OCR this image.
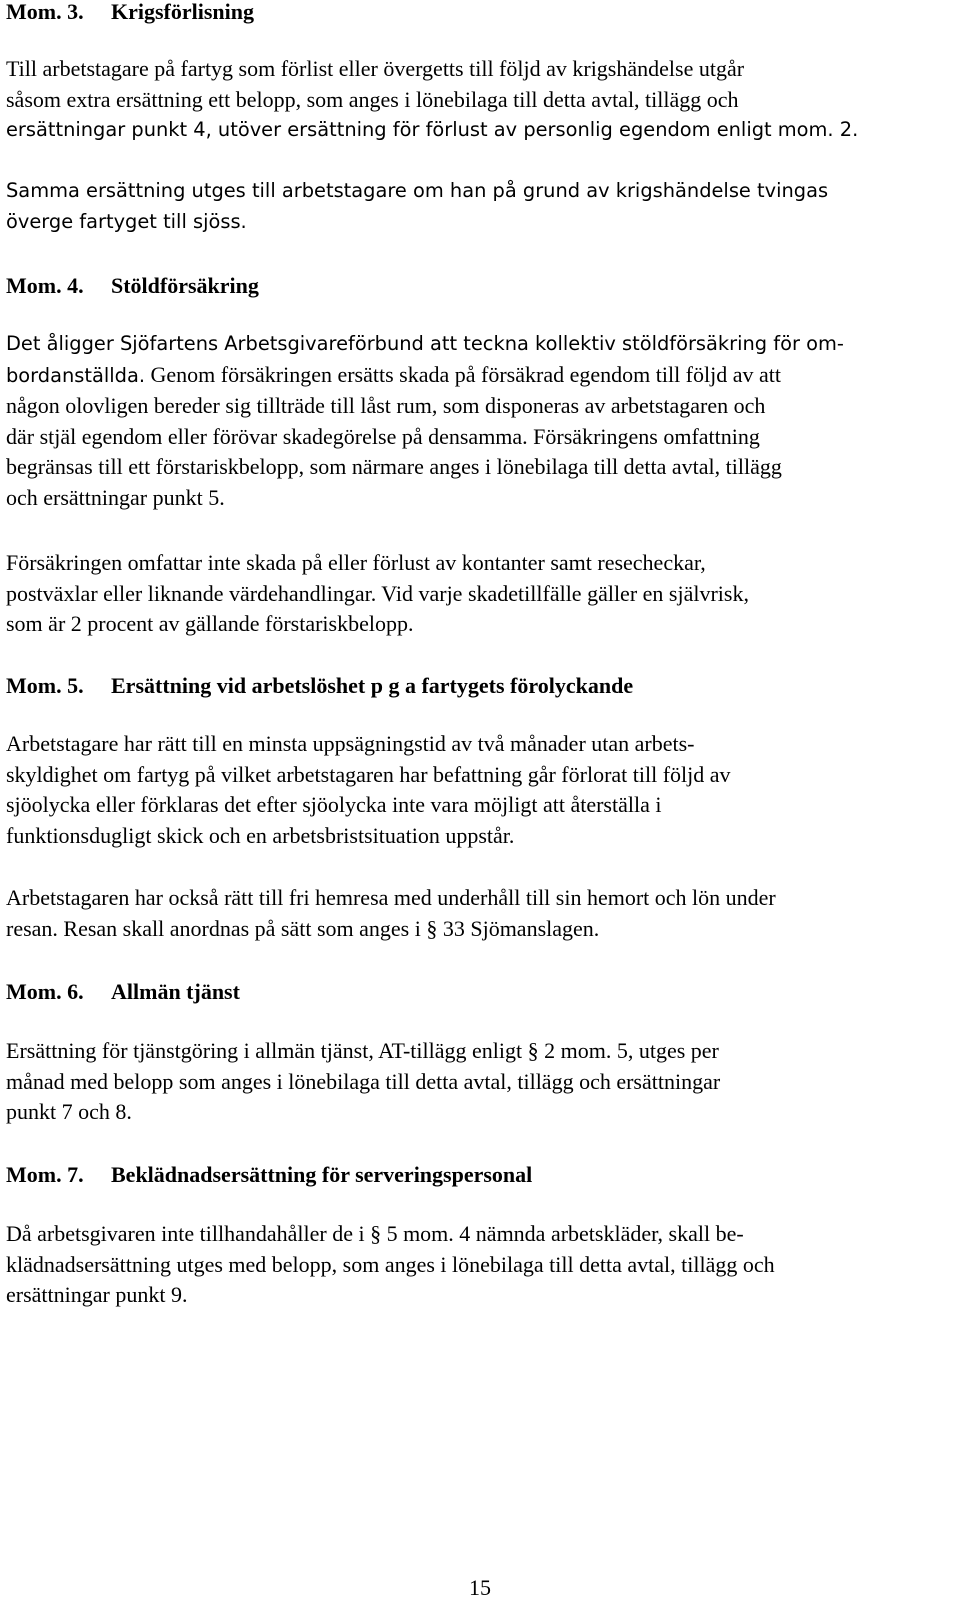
Mom. 3. Krigsförlisning

Till arbetstagare på fartyg som förlist eller övergetts till följd av krigshändelse utgår
såsom extra ersättning ett belopp, som anges i lönebilaga till detta avtal, tillägg och
ersättningar punkt 4, utöver ersättning för förlust av personlig egendom enligt mom. 2.

Samma ersättning utges till arbetstagare om han på grund av krigshändelse tvingas
överge fartyget till sjöss.

Mom. 4. Stöldförsäkring

Det åligger Sjöfartens Arbetsgivareförbund att teckna kollektiv stöldförsäkring för om-
bordanställda. Genom försäkringen ersätts skada på försäkrad egendom till följd av att
någon olovligen bereder sig tillträde till låst rum, som disponeras av arbetstagaren och
där stjäl egendom eller förövar skadegörelse på densamma. Försäkringens omfattning
begränsas till ett förstariskbelopp, som närmare anges i lönebilaga till detta avtal, tillägg
och ersättningar punkt 5.

Försäkringen omfattar inte skada på eller förlust av kontanter samt resecheckar,
postväxlar eller liknande värdehandlingar. Vid varje skadetillfälle gäller en självrisk,
som är 2 procent av gällande förstariskbelopp.

Mom. 5. Ersättning vid arbetslöshet p g a fartygets förolyckande

Arbetstagare har rätt till en minsta uppsägningstid av två månader utan arbets-
skyldighet om fartyg på vilket arbetstagaren har befattning går förlorat till följd av
sjöolycka eller förklaras det efter sjöolycka inte vara möjligt att återställa i
funktionsdugligt skick och en arbetsbristsituation uppstår.

Arbetstagaren har också rätt till fri hemresa med underhåll till sin hemort och lön under
resan. Resan skall anordnas på sätt som anges i § 33 Sjömanslagen.

Mom. 6. Allmän tjänst

Ersättning för tjänstgöring i allmän tjänst, AT-tillägg enligt § 2 mom. 5, utges per
månad med belopp som anges i lönebilaga till detta avtal, tillägg och ersättningar
punkt 7 och 8.

Mom. 7. Beklädnadsersättning för serveringspersonal

Då arbetsgivaren inte tillhandahåller de i § 5 mom. 4 nämnda arbetskläder, skall be-
klädnadsersättning utges med belopp, som anges i lönebilaga till detta avtal, tillägg och
ersättningar punkt 9.

15
